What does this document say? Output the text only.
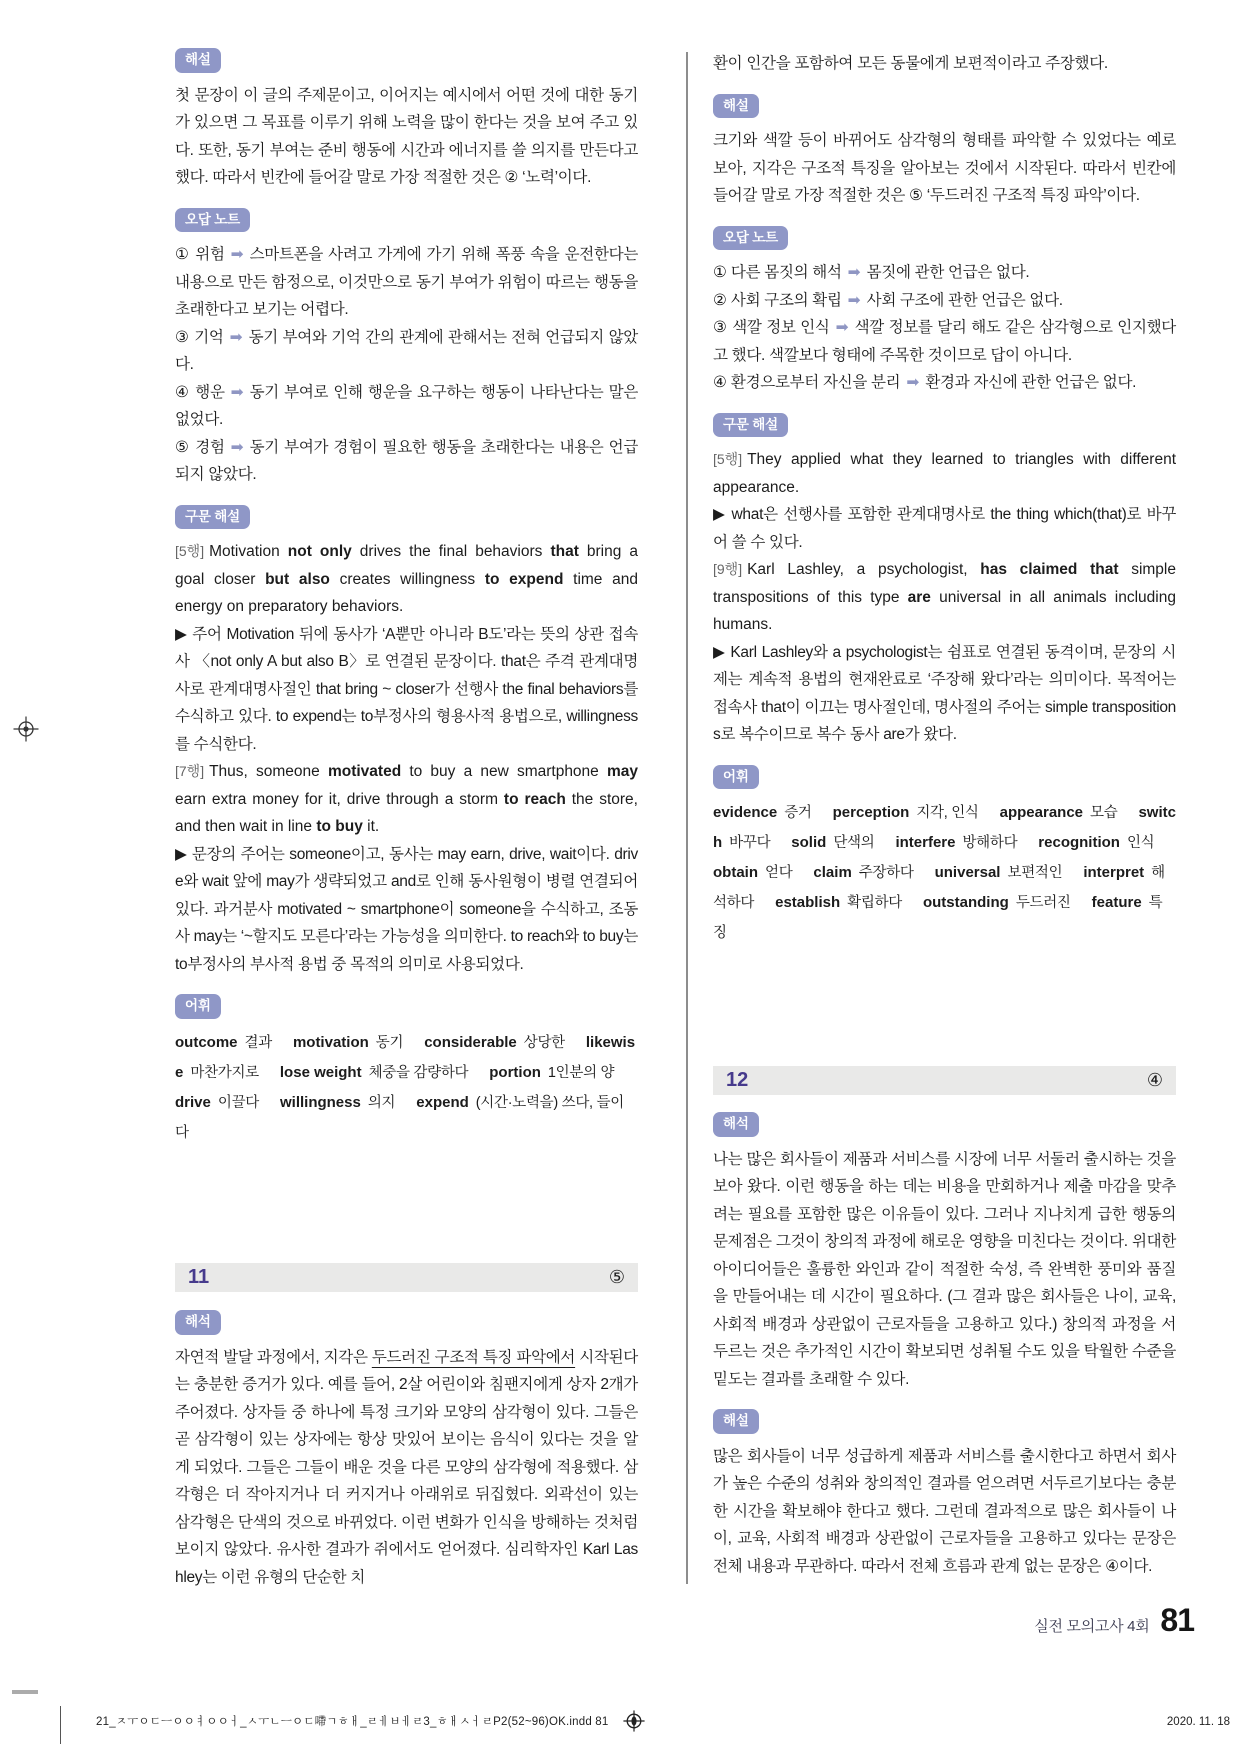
해설

첫 문장이 이 글의 주제문이고, 이어지는 예시에서 어떤 것에 대한 동기가 있으면 그 목표를 이루기 위해 노력을 많이 한다는 것을 보여 주고 있다. 또한, 동기 부여는 준비 행동에 시간과 에너지를 쓸 의지를 만든다고 했다. 따라서 빈칸에 들어갈 말로 가장 적절한 것은 ② ‘노력’이다.

오답 노트

① 위험 ➡ 스마트폰을 사려고 가게에 가기 위해 폭풍 속을 운전한다는 내용으로 만든 함정으로, 이것만으로 동기 부여가 위험이 따르는 행동을 초래한다고 보기는 어렵다.

③ 기억 ➡ 동기 부여와 기억 간의 관계에 관해서는 전혀 언급되지 않았다.

④ 행운 ➡ 동기 부여로 인해 행운을 요구하는 행동이 나타난다는 말은 없었다.

⑤ 경험 ➡ 동기 부여가 경험이 필요한 행동을 초래한다는 내용은 언급되지 않았다.

구문 해설

[5행] Motivation not only drives the final behaviors that bring a goal closer but also creates willingness to expend time and energy on preparatory behaviors.

▶ 주어 Motivation 뒤에 동사가 ‘A뿐만 아니라 B도’라는 뜻의 상관 접속사 〈not only A but also B〉로 연결된 문장이다. that은 주격 관계대명사로 관계대명사절인 that bring ~ closer가 선행사 the final behaviors를 수식하고 있다. to expend는 to부정사의 형용사적 용법으로, willingness를 수식한다.

[7행] Thus, someone motivated to buy a new smartphone may earn extra money for it, drive through a storm to reach the store, and then wait in line to buy it.

▶ 문장의 주어는 someone이고, 동사는 may earn, drive, wait이다. drive와 wait 앞에 may가 생략되었고 and로 인해 동사원형이 병렬 연결되어 있다. 과거분사 motivated ~ smartphone이 someone을 수식하고, 조동사 may는 ‘~할지도 모른다’라는 가능성을 의미한다. to reach와 to buy는 to부정사의 부사적 용법 중 목적의 의미로 사용되었다.

어휘

outcome 결과 motivation 동기 considerable 상당한 likewise 마찬가지로 lose weight 체중을 감량하다 portion 1인분의 양drive 이끌다 willingness 의지 expend (시간·노력을) 쓰다, 들이다

11	⑤
해석

자연적 발달 과정에서, 지각은 두드러진 구조적 특징 파악에서 시작된다는 충분한 증거가 있다. 예를 들어, 2살 어린이와 침팬지에게 상자 2개가 주어졌다. 상자들 중 하나에 특정 크기와 모양의 삼각형이 있다. 그들은 곧 삼각형이 있는 상자에는 항상 맛있어 보이는 음식이 있다는 것을 알게 되었다. 그들은 그들이 배운 것을 다른 모양의 삼각형에 적용했다. 삼각형은 더 작아지거나 더 커지거나 아래위로 뒤집혔다. 외곽선이 있는 삼각형은 단색의 것으로 바뀌었다. 이런 변화가 인식을 방해하는 것처럼 보이지 않았다. 유사한 결과가 쥐에서도 얻어졌다. 심리학자인 Karl Lashley는 이런 유형의 단순한 치

환이 인간을 포함하여 모든 동물에게 보편적이라고 주장했다.

해설

크기와 색깔 등이 바뀌어도 삼각형의 형태를 파악할 수 있었다는 예로 보아, 지각은 구조적 특징을 알아보는 것에서 시작된다. 따라서 빈칸에 들어갈 말로 가장 적절한 것은 ⑤ ‘두드러진 구조적 특징 파악’이다.

오답 노트

① 다른 몸짓의 해석 ➡ 몸짓에 관한 언급은 없다.

② 사회 구조의 확립 ➡ 사회 구조에 관한 언급은 없다.

③ 색깔 정보 인식 ➡ 색깔 정보를 달리 해도 같은 삼각형으로 인지했다고 했다. 색깔보다 형태에 주목한 것이므로 답이 아니다.

④ 환경으로부터 자신을 분리 ➡ 환경과 자신에 관한 언급은 없다.

구문 해설

[5행] They applied what they learned to triangles with different appearance.

▶ what은 선행사를 포함한 관계대명사로 the thing which(that)로 바꾸어 쓸 수 있다.

[9행] Karl Lashley, a psychologist, has claimed that simple transpositions of this type are universal in all animals including humans.

▶ Karl Lashley와 a psychologist는 쉼표로 연결된 동격이며, 문장의 시제는 계속적 용법의 현재완료로 ‘주장해 왔다’라는 의미이다. 목적어는 접속사 that이 이끄는 명사절인데, 명사절의 주어는 simple transpositions로 복수이므로 복수 동사 are가 왔다.

어휘

evidence 증거 perception 지각, 인식 appearance 모습 switch 바꾸다 solid 단색의 interfere 방해하다 recognition 인식obtain 얻다 claim 주장하다 universal 보편적인 interpret 해석하다 establish 확립하다 outstanding 두드러진 feature 특징

12	④
해석

나는 많은 회사들이 제품과 서비스를 시장에 너무 서둘러 출시하는 것을 보아 왔다. 이런 행동을 하는 데는 비용을 만회하거나 제출 마감을 맞추려는 필요를 포함한 많은 이유들이 있다. 그러나 지나치게 급한 행동의 문제점은 그것이 창의적 과정에 해로운 영향을 미친다는 것이다. 위대한 아이디어들은 훌륭한 와인과 같이 적절한 숙성, 즉 완벽한 풍미와 품질을 만들어내는 데 시간이 필요하다. (그 결과 많은 회사들은 나이, 교육, 사회적 배경과 상관없이 근로자들을 고용하고 있다.) 창의적 과정을 서두르는 것은 추가적인 시간이 확보되면 성취될 수도 있을 탁월한 수준을 밑도는 결과를 초래할 수 있다.

해설

많은 회사들이 너무 성급하게 제품과 서비스를 출시한다고 하면서 회사가 높은 수준의 성취와 창의적인 결과를 얻으려면 서두르기보다는 충분한 시간을 확보해야 한다고 했다. 그런데 결과적으로 많은 회사들이 나이, 교육, 사회적 배경과 상관없이 근로자들을 고용하고 있다는 문장은 전체 내용과 무관하다. 따라서 전체 흐름과 관계 없는 문장은 ④이다.

실전 모의고사 4회 81
21_ㅈㅜㅇㄷㅡㅇㅇㅕㅇㅇㅓ_ㅅㅜㄴㅡㅇㄷ㗣ㄱㅎㅐ_ㄹㅔㅂㅔㄹ3_ㅎㅐㅅㅓㄹP2(52~96)OK.indd 81	2020. 11. 18
